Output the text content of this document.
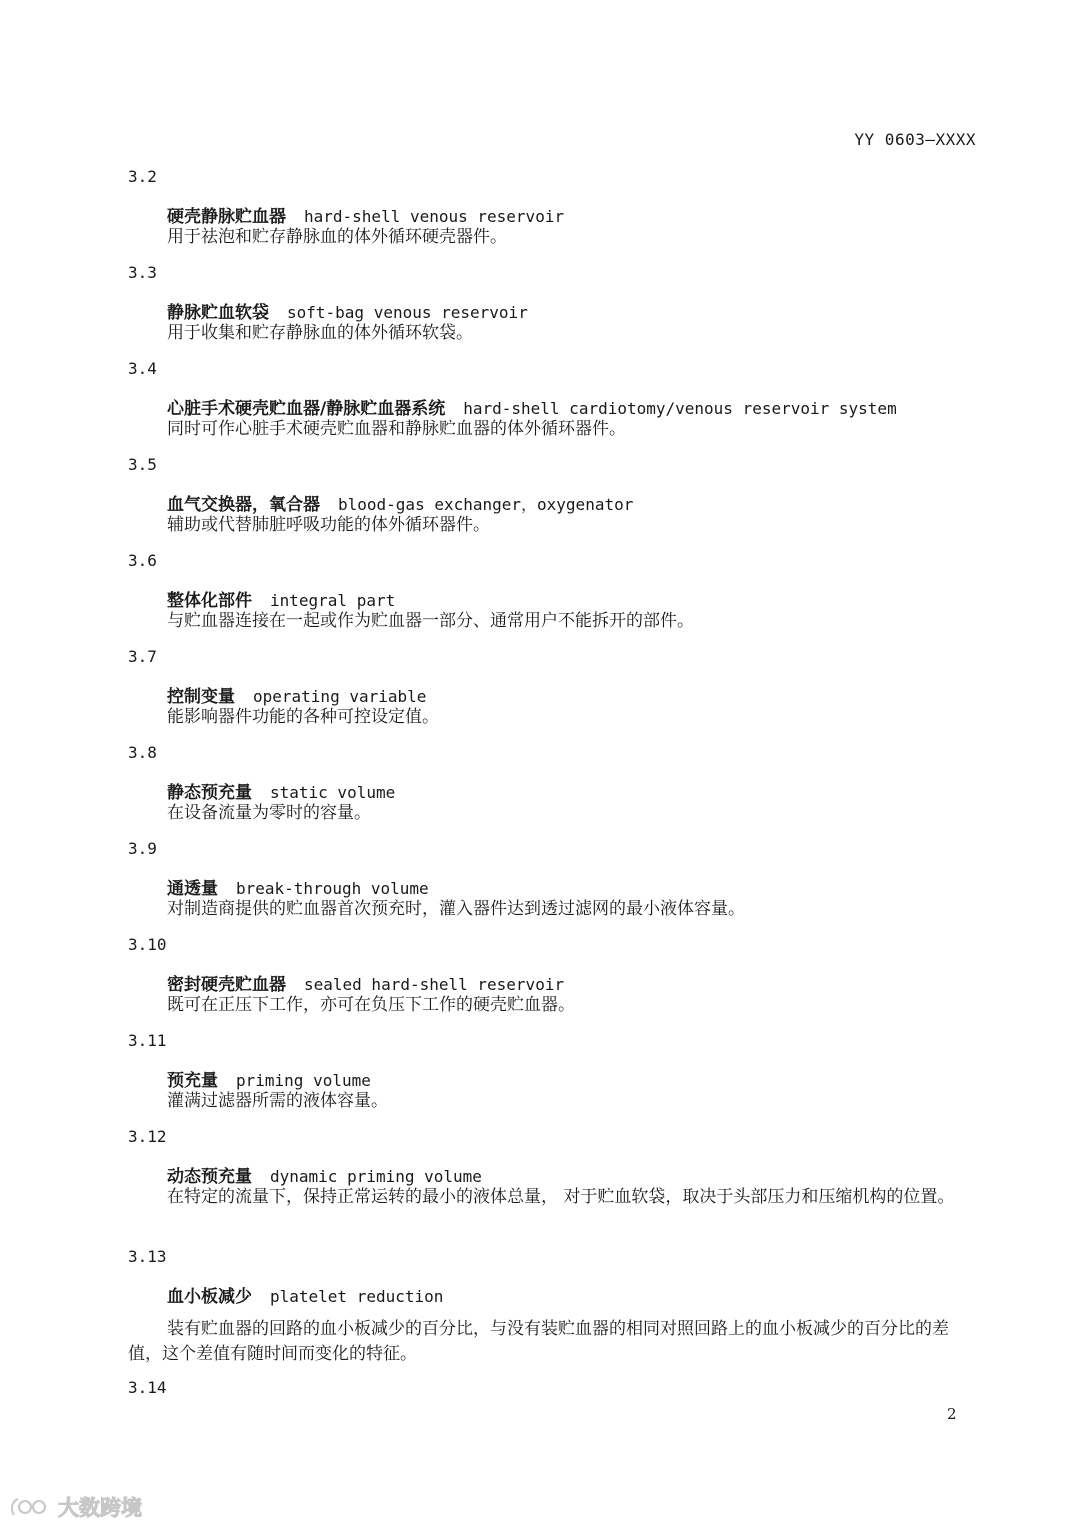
YY 0603—XXXX
3.2
硬壳静脉贮血器 hard-shell venous reservoir
用于祛泡和贮存静脉血的体外循环硬壳器件。
3.3
静脉贮血软袋 soft-bag venous reservoir
用于收集和贮存静脉血的体外循环软袋。
3.4
心脏手术硬壳贮血器/静脉贮血器系统 hard-shell cardiotomy/venous reservoir system
同时可作心脏手术硬壳贮血器和静脉贮血器的体外循环器件。
3.5
血气交换器，氧合器 blood-gas exchanger，oxygenator
辅助或代替肺脏呼吸功能的体外循环器件。
3.6
整体化部件 integral part
与贮血器连接在一起或作为贮血器一部分、通常用户不能拆开的部件。
3.7
控制变量 operating variable
能影响器件功能的各种可控设定值。
3.8
静态预充量 static volume
在设备流量为零时的容量。
3.9
通透量 break-through volume
对制造商提供的贮血器首次预充时，灌入器件达到透过滤网的最小液体容量。
3.10
密封硬壳贮血器 sealed hard-shell reservoir
既可在正压下工作，亦可在负压下工作的硬壳贮血器。
3.11
预充量 priming volume
灌满过滤器所需的液体容量。
3.12
动态预充量 dynamic priming volume
在特定的流量下，保持正常运转的最小的液体总量， 对于贮血软袋，取决于头部压力和压缩机构的位置。
3.13
血小板减少 platelet reduction
装有贮血器的回路的血小板减少的百分比，与没有装贮血器的相同对照回路上的血小板减少的百分比的差值，这个差值有随时间而变化的特征。
3.14
2
大数跨境
